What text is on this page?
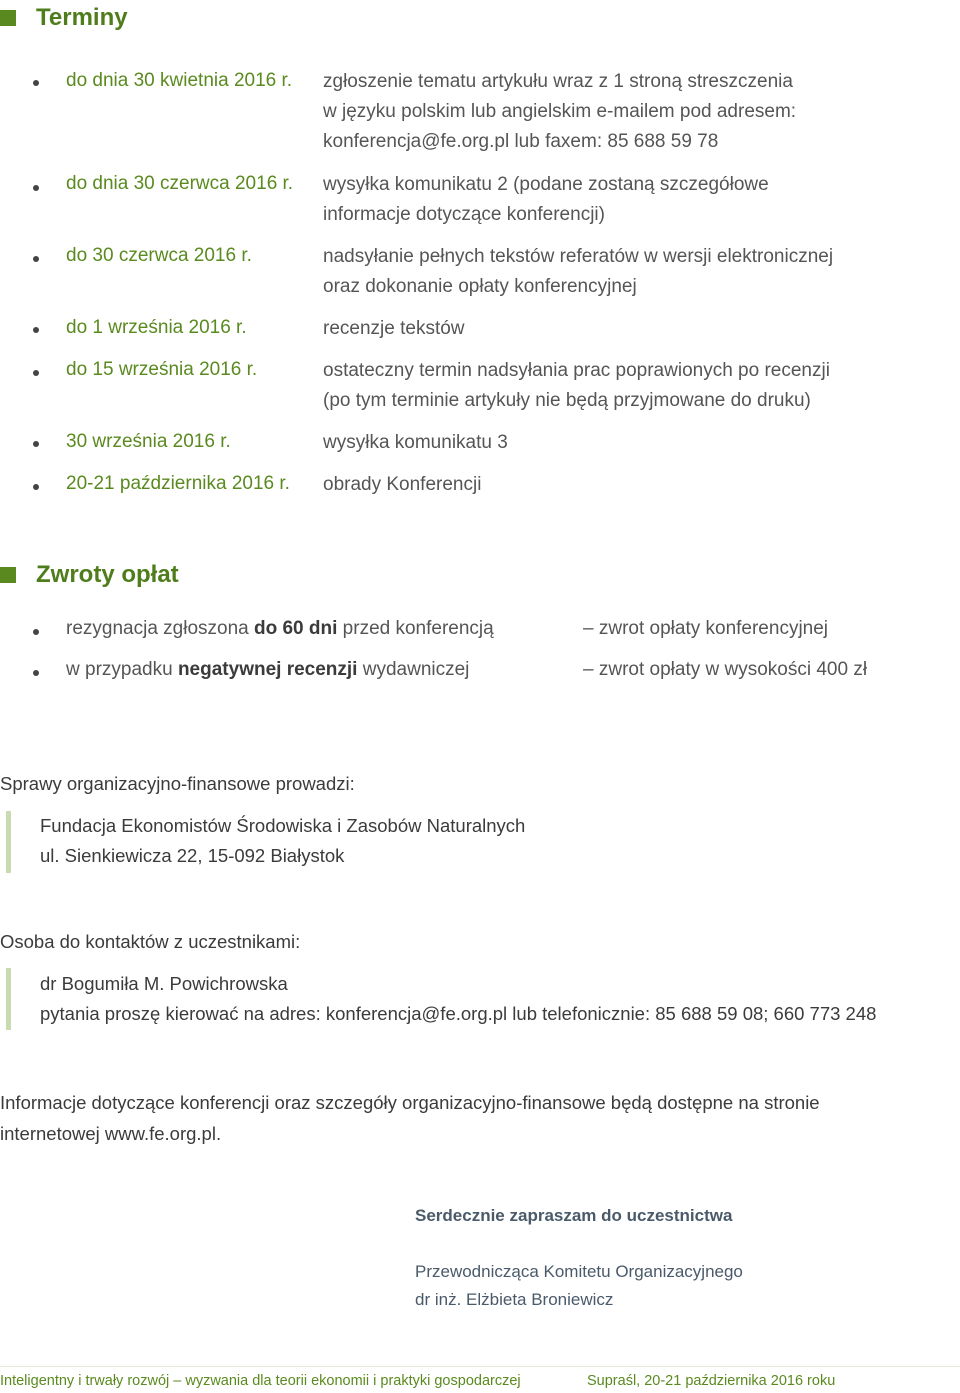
Terminy
do dnia 30 kwietnia 2016 r. zgłoszenie tematu artykułu wraz z 1 stroną streszczenia
w języku polskim lub angielskim e-mailem pod adresem:
konferencja@fe.org.pl lub faxem: 85 688 59 78
do dnia 30 czerwca 2016 r. wysyłka komunikatu 2 (podane zostaną szczegółowe
informacje dotyczące konferencji)
do 30 czerwca 2016 r.	nadsyłanie pełnych tekstów referatów w wersji elektronicznej
oraz dokonanie opłaty konferencyjnej
do 1 września 2016 r.	recenzje tekstów
do 15 września 2016 r.	ostateczny termin nadsyłania prac poprawionych po recenzji
(po tym terminie artykuły nie będą przyjmowane do druku)
30 września 2016 r.	wysyłka komunikatu 3
20-21 października 2016 r. obrady Konferencji
Zwroty opłat
rezygnacja zgłoszona do 60 dni przed konferencją	– zwrot opłaty konferencyjnej
w przypadku negatywnej recenzji wydawniczej	– zwrot opłaty w wysokości 400 zł
Sprawy organizacyjno-finansowe prowadzi:
Fundacja Ekonomistów Środowiska i Zasobów Naturalnych
ul. Sienkiewicza 22, 15-092 Białystok
Osoba do kontaktów z uczestnikami:
dr Bogumiła M. Powichrowska
pytania proszę kierować na adres: konferencja@fe.org.pl lub telefonicznie: 85 688 59 08; 660 773 248
Informacje dotyczące konferencji oraz szczegóły organizacyjno-finansowe będą dostępne na stronie
internetowej www.fe.org.pl.
Serdecznie zapraszam do uczestnictwa
Przewodnicząca Komitetu Organizacyjnego
dr inż. Elżbieta Broniewicz
Inteligentny i trwały rozwój – wyzwania dla teorii ekonomii i praktyki gospodarczej	Supraśl, 20-21 października 2016 roku
